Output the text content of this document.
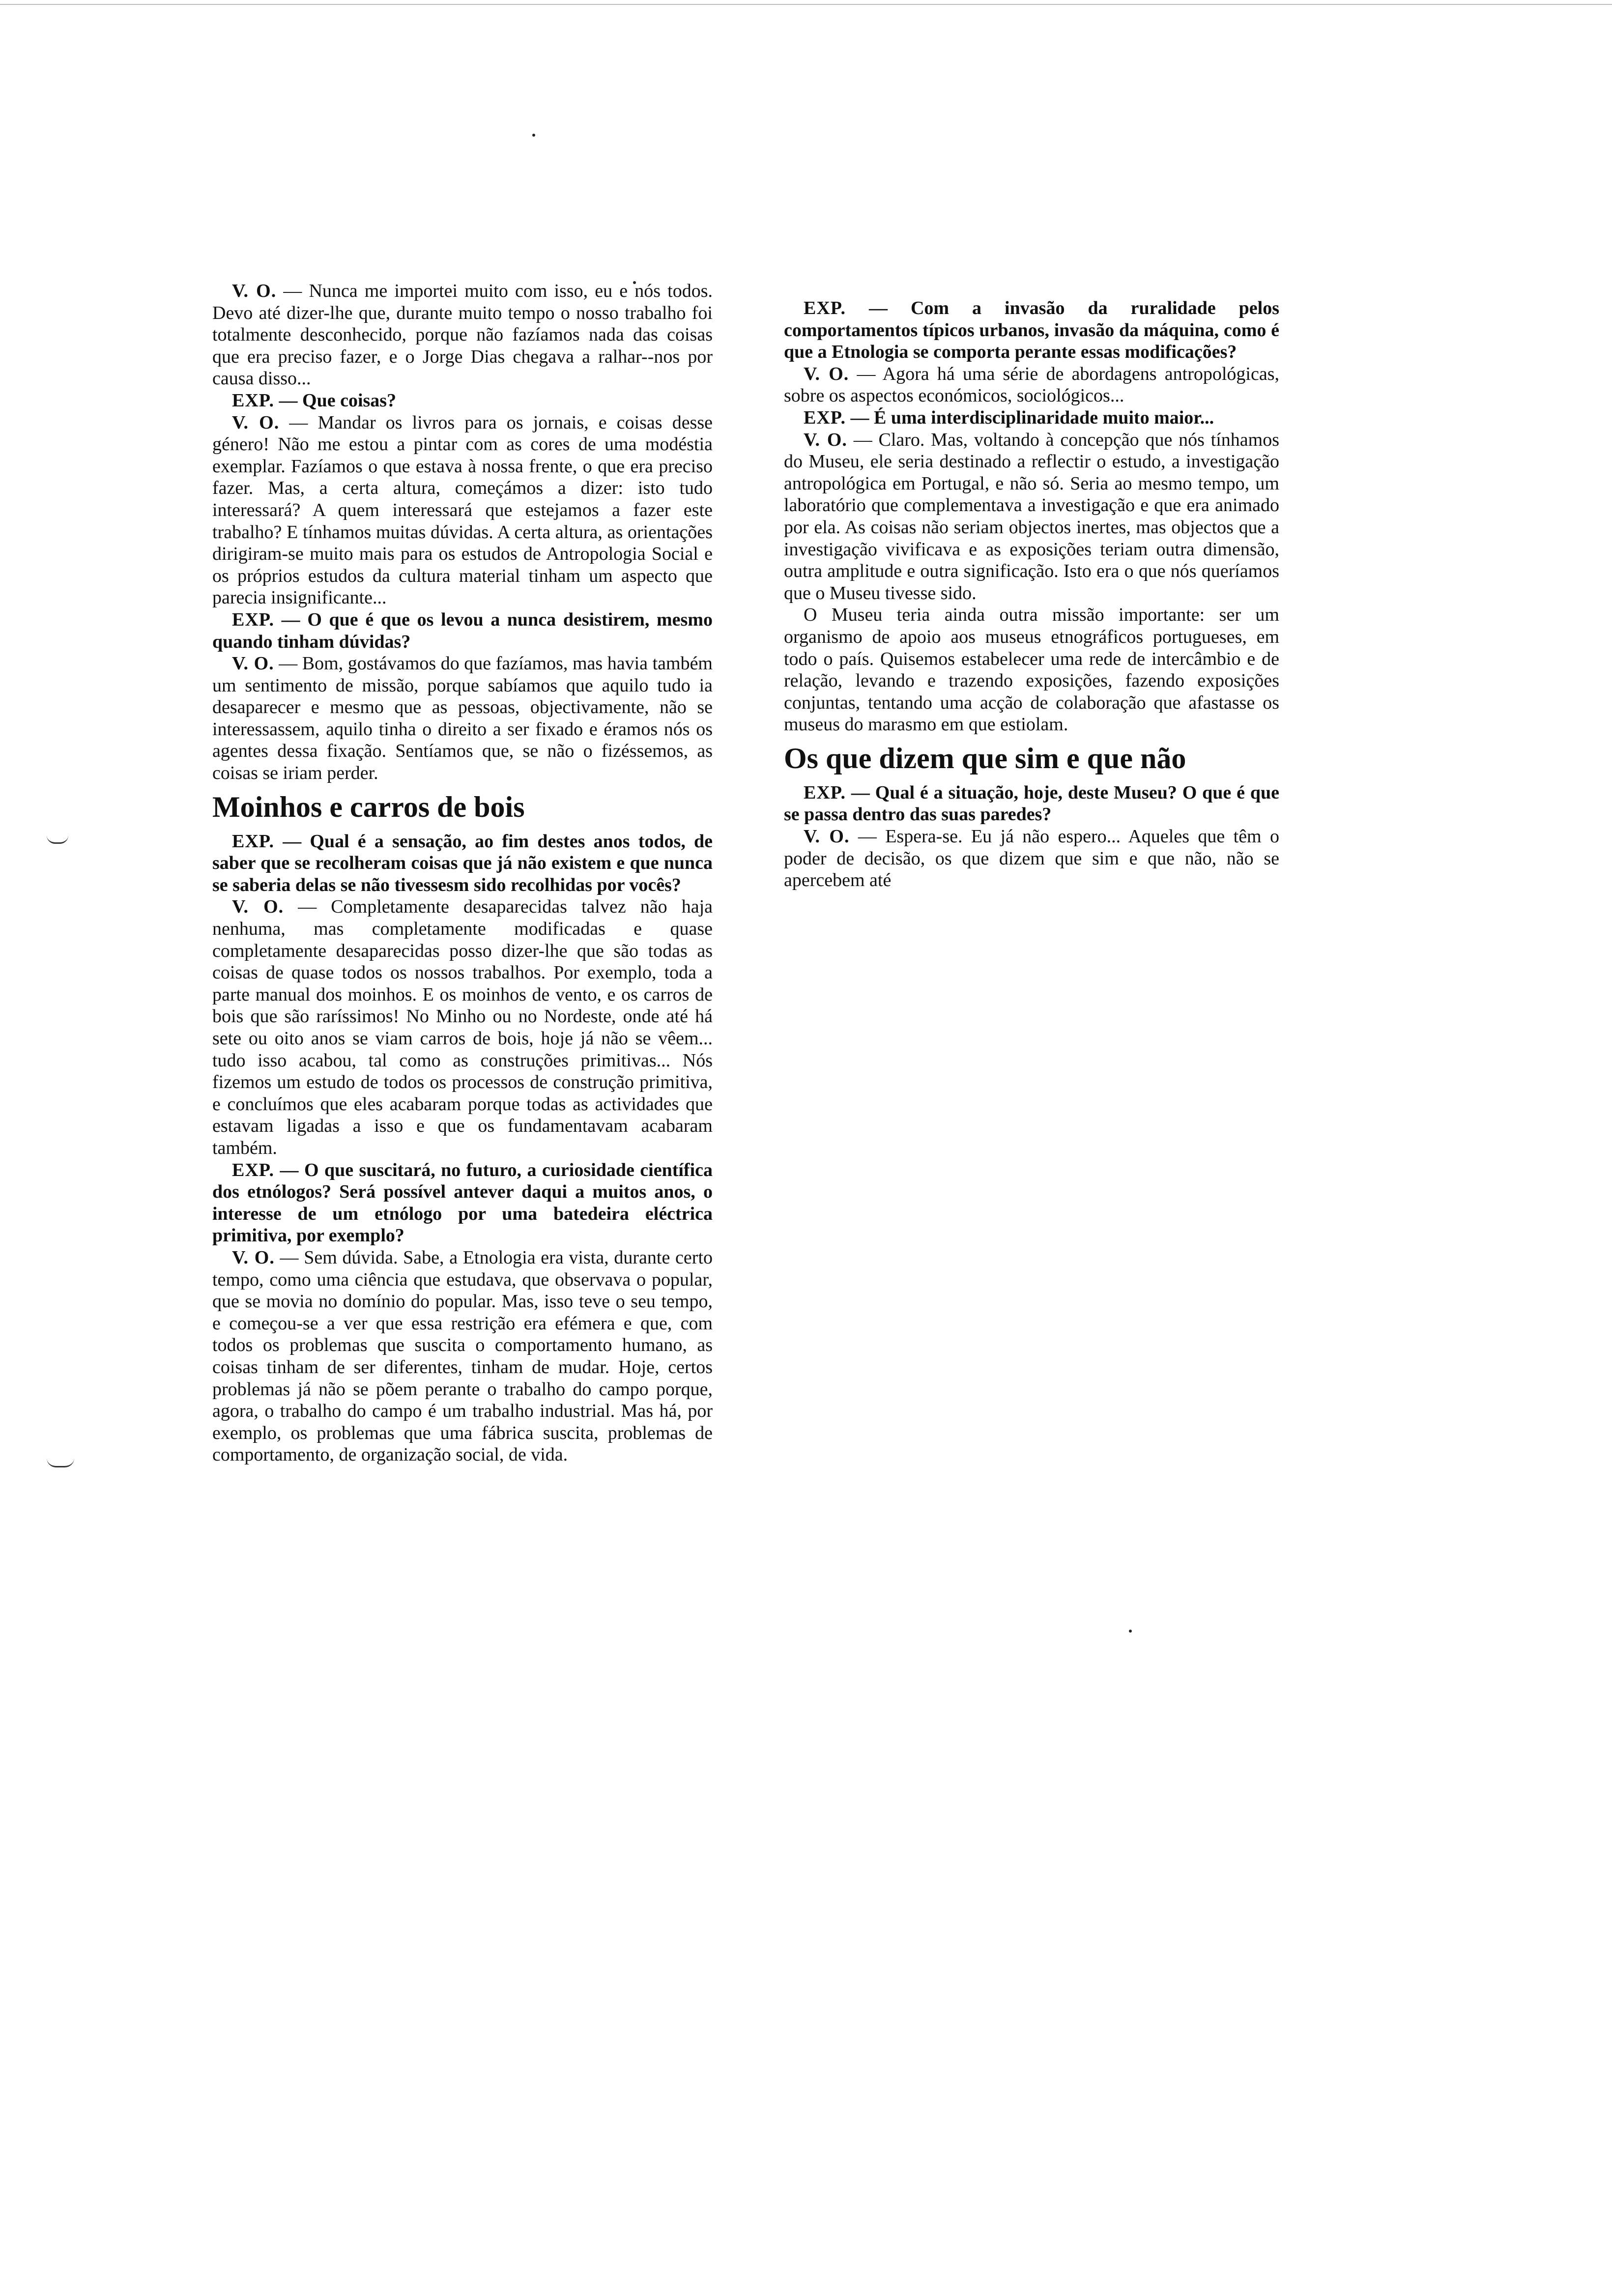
V. O. — Nunca me importei muito com isso, eu e nós todos. Devo até dizer-lhe que, durante muito tempo o nosso trabalho foi totalmente desconhecido, porque não fazíamos nada das coisas que era preciso fazer, e o Jorge Dias chegava a ralhar--nos por causa disso...

EXP. — Que coisas?

V. O. — Mandar os livros para os jornais, e coisas desse género! Não me estou a pintar com as cores de uma modéstia exemplar. Fazíamos o que estava à nossa frente, o que era preciso fazer. Mas, a certa altura, começámos a dizer: isto tudo interessará? A quem interessará que estejamos a fazer este trabalho? E tínhamos muitas dúvidas. A certa altura, as orientações dirigiram-se muito mais para os estudos de Antropologia Social e os próprios estudos da cultura material tinham um aspecto que parecia insignificante...

EXP. — O que é que os levou a nunca desistirem, mesmo quando tinham dúvidas?

V. O. — Bom, gostávamos do que fazíamos, mas havia também um sentimento de missão, porque sabíamos que aquilo tudo ia desaparecer e mesmo que as pessoas, objectivamente, não se interessassem, aquilo tinha o direito a ser fixado e éramos nós os agentes dessa fixação. Sentíamos que, se não o fizéssemos, as coisas se iriam perder.

Moinhos e carros de bois

EXP. — Qual é a sensação, ao fim destes anos todos, de saber que se recolheram coisas que já não existem e que nunca se saberia delas se não tivessesm sido recolhidas por vocês?

V. O. — Completamente desaparecidas talvez não haja nenhuma, mas completamente modificadas e quase completamente desaparecidas posso dizer-lhe que são todas as coisas de quase todos os nossos trabalhos. Por exemplo, toda a parte manual dos moinhos. E os moinhos de vento, e os carros de bois que são raríssimos! No Minho ou no Nordeste, onde até há sete ou oito anos se viam carros de bois, hoje já não se vêem... tudo isso acabou, tal como as construções primitivas... Nós fizemos um estudo de todos os processos de construção primitiva, e concluímos que eles acabaram porque todas as actividades que estavam ligadas a isso e que os fundamentavam acabaram também.

EXP. — O que suscitará, no futuro, a curiosidade científica dos etnólogos? Será possível antever daqui a muitos anos, o interesse de um etnólogo por uma batedeira eléctrica primitiva, por exemplo?

V. O. — Sem dúvida. Sabe, a Etnologia era vista, durante certo tempo, como uma ciência que estudava, que observava o popular, que se movia no domínio do popular. Mas, isso teve o seu tempo, e começou-se a ver que essa restrição era efémera e que, com todos os problemas que suscita o comportamento humano, as coisas tinham de ser diferentes, tinham de mudar. Hoje, certos problemas já não se põem perante o trabalho do campo porque, agora, o trabalho do campo é um trabalho industrial. Mas há, por exemplo, os problemas que uma fábrica suscita, problemas de comportamento, de organização social, de vida.

EXP. — Com a invasão da ruralidade pelos comportamentos típicos urbanos, invasão da máquina, como é que a Etnologia se comporta perante essas modificações?

V. O. — Agora há uma série de abordagens antropológicas, sobre os aspectos económicos, sociológicos...

EXP. — É uma interdisciplinaridade muito maior...

V. O. — Claro. Mas, voltando à concepção que nós tínhamos do Museu, ele seria destinado a reflectir o estudo, a investigação antropológica em Portugal, e não só. Seria ao mesmo tempo, um laboratório que complementava a investigação e que era animado por ela. As coisas não seriam objectos inertes, mas objectos que a investigação vivificava e as exposições teriam outra dimensão, outra amplitude e outra significação. Isto era o que nós queríamos que o Museu tivesse sido.

O Museu teria ainda outra missão importante: ser um organismo de apoio aos museus etnográficos portugueses, em todo o país. Quisemos estabelecer uma rede de intercâmbio e de relação, levando e trazendo exposições, fazendo exposições conjuntas, tentando uma acção de colaboração que afastasse os museus do marasmo em que estiolam.

Os que dizem que sim e que não

EXP. — Qual é a situação, hoje, deste Museu? O que é que se passa dentro das suas paredes?

V. O. — Espera-se. Eu já não espero... Aqueles que têm o poder de decisão, os que dizem que sim e que não, não se apercebem até
